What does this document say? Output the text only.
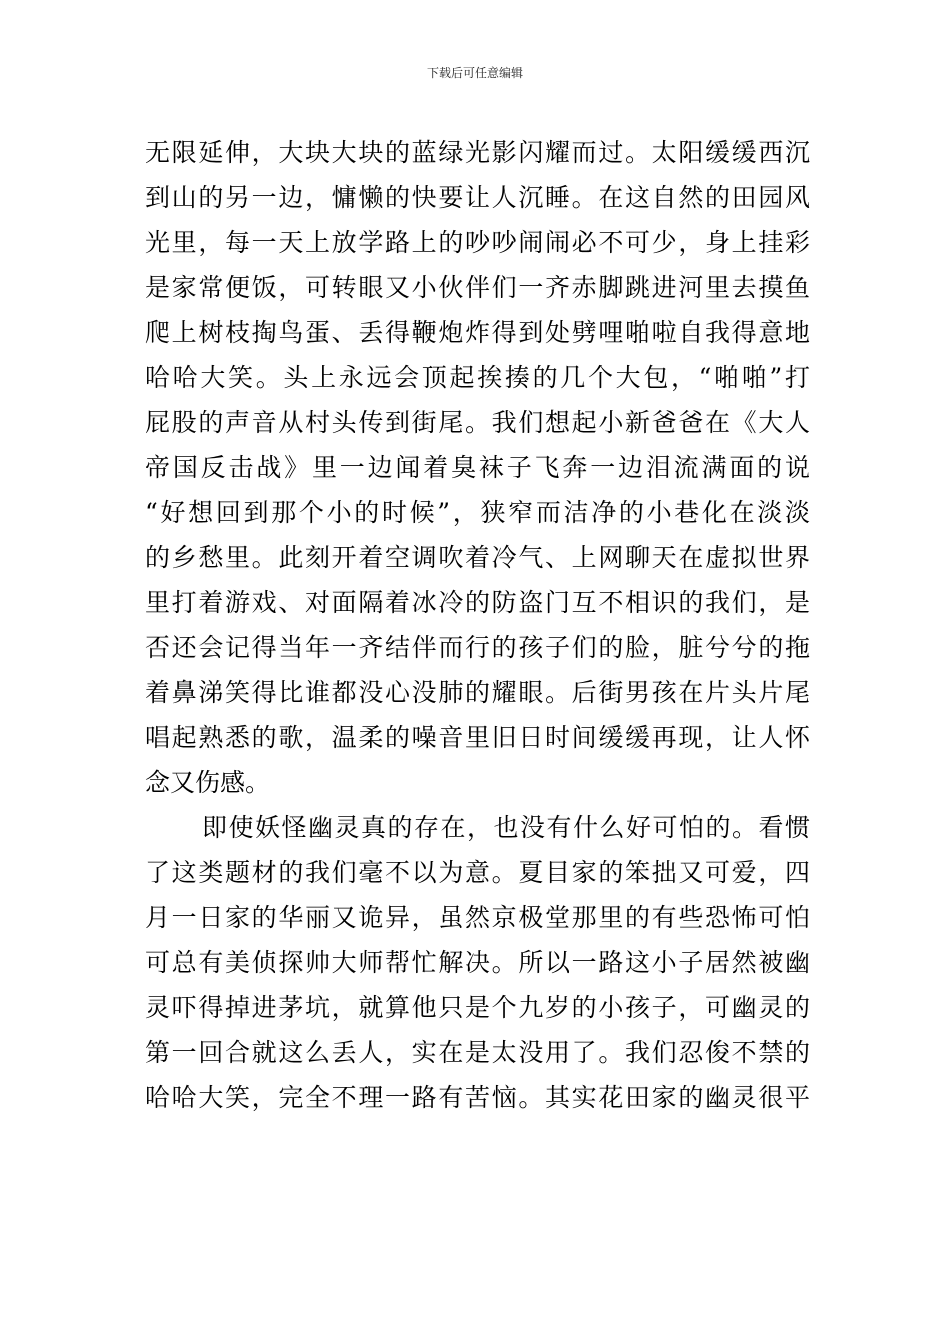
下载后可任意编辑
无限延伸，大块大块的蓝绿光影闪耀而过。太阳缓缓西沉
到山的另一边，慵懒的快要让人沉睡。在这自然的田园风
光里，每一天上放学路上的吵吵闹闹必不可少，身上挂彩
是家常便饭，可转眼又小伙伴们一齐赤脚跳进河里去摸鱼
爬上树枝掏鸟蛋、丢得鞭炮炸得到处劈哩啪啦自我得意地
哈哈大笑。头上永远会顶起挨揍的几个大包，“啪啪”打
屁股的声音从村头传到街尾。我们想起小新爸爸在《大人
帝国反击战》里一边闻着臭袜子飞奔一边泪流满面的说
“好想回到那个小的时候”，狭窄而洁净的小巷化在淡淡
的乡愁里。此刻开着空调吹着冷气、上网聊天在虚拟世界
里打着游戏、对面隔着冰冷的防盗门互不相识的我们，是
否还会记得当年一齐结伴而行的孩子们的脸，脏兮兮的拖
着鼻涕笑得比谁都没心没肺的耀眼。后街男孩在片头片尾
唱起熟悉的歌，温柔的噪音里旧日时间缓缓再现，让人怀
念又伤感。
即使妖怪幽灵真的存在，也没有什么好可怕的。看惯
了这类题材的我们毫不以为意。夏目家的笨拙又可爱，四
月一日家的华丽又诡异，虽然京极堂那里的有些恐怖可怕
可总有美侦探帅大师帮忙解决。所以一路这小子居然被幽
灵吓得掉进茅坑，就算他只是个九岁的小孩子，可幽灵的
第一回合就这么丢人，实在是太没用了。我们忍俊不禁的
哈哈大笑，完全不理一路有苦恼。其实花田家的幽灵很平
